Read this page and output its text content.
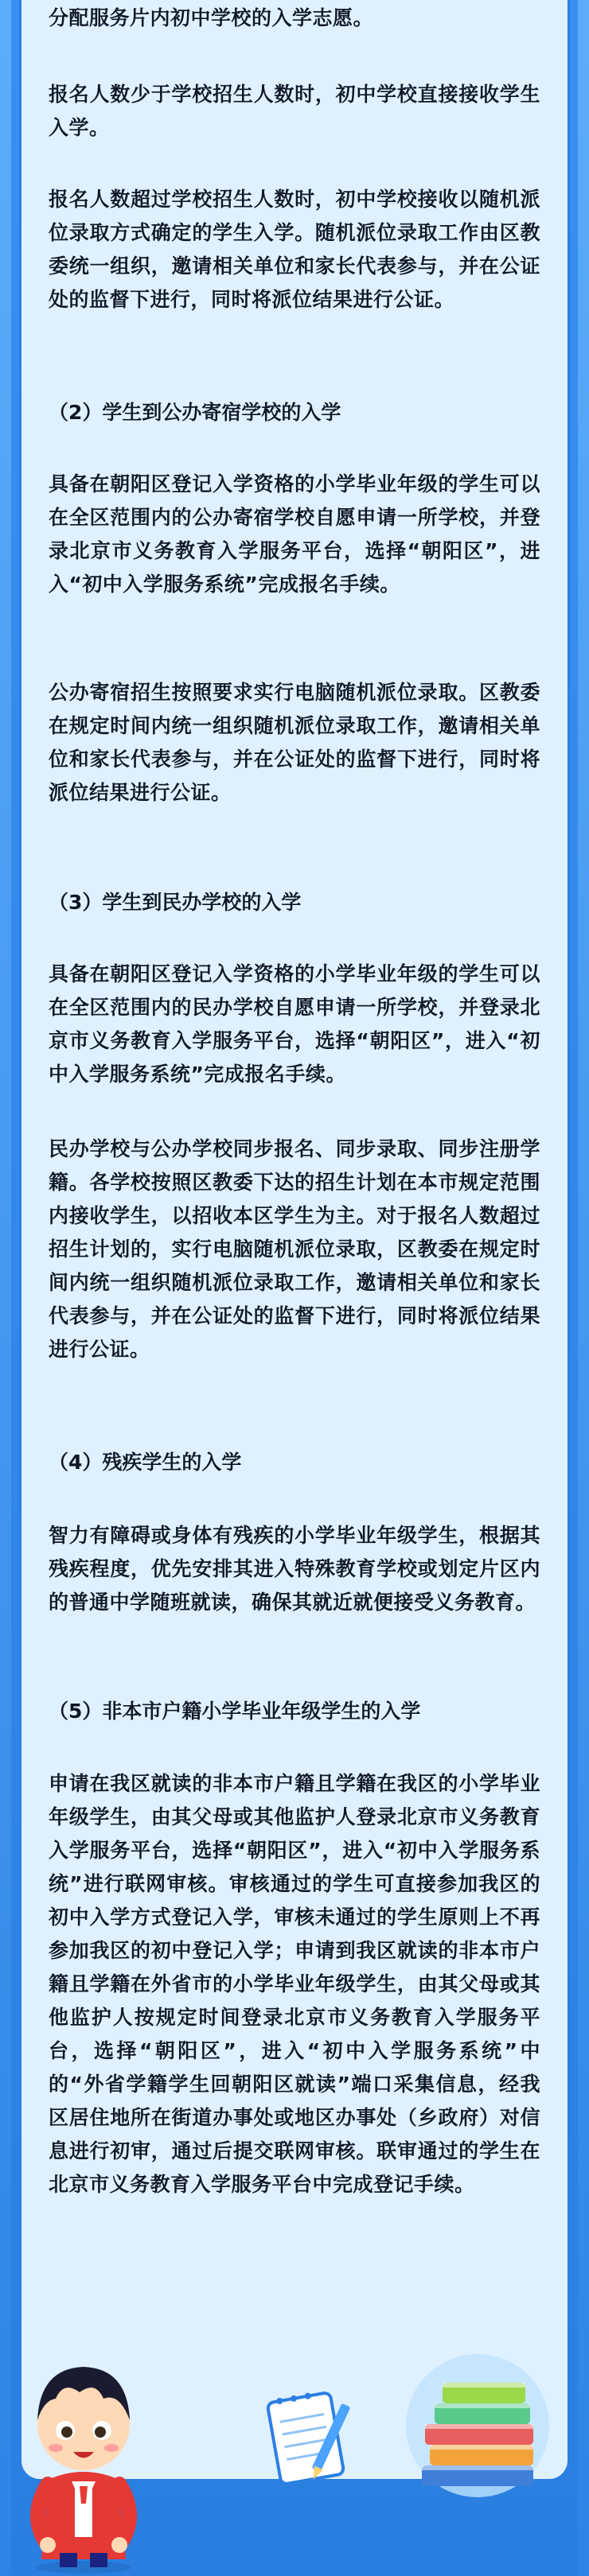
分配服务片内初中学校的入学志愿。

报名人数少于学校招生人数时，初中学校直接接收学生入学。

报名人数超过学校招生人数时，初中学校接收以随机派位录取方式确定的学生入学。随机派位录取工作由区教委统一组织，邀请相关单位和家长代表参与，并在公证处的监督下进行，同时将派位结果进行公证。

（2）学生到公办寄宿学校的入学

具备在朝阳区登记入学资格的小学毕业年级的学生可以在全区范围内的公办寄宿学校自愿申请一所学校，并登录北京市义务教育入学服务平台，选择“朝阳区”，进入“初中入学服务系统”完成报名手续。

公办寄宿招生按照要求实行电脑随机派位录取。区教委在规定时间内统一组织随机派位录取工作，邀请相关单位和家长代表参与，并在公证处的监督下进行，同时将派位结果进行公证。

（3）学生到民办学校的入学

具备在朝阳区登记入学资格的小学毕业年级的学生可以在全区范围内的民办学校自愿申请一所学校，并登录北京市义务教育入学服务平台，选择“朝阳区”，进入“初中入学服务系统”完成报名手续。

民办学校与公办学校同步报名、同步录取、同步注册学籍。各学校按照区教委下达的招生计划在本市规定范围内接收学生，以招收本区学生为主。对于报名人数超过招生计划的，实行电脑随机派位录取，区教委在规定时间内统一组织随机派位录取工作，邀请相关单位和家长代表参与，并在公证处的监督下进行，同时将派位结果进行公证。

（4）残疾学生的入学

智力有障碍或身体有残疾的小学毕业年级学生，根据其残疾程度，优先安排其进入特殊教育学校或划定片区内的普通中学随班就读，确保其就近就便接受义务教育。

（5）非本市户籍小学毕业年级学生的入学

申请在我区就读的非本市户籍且学籍在我区的小学毕业年级学生，由其父母或其他监护人登录北京市义务教育入学服务平台，选择“朝阳区”，进入“初中入学服务系统”进行联网审核。审核通过的学生可直接参加我区的初中入学方式登记入学，审核未通过的学生原则上不再参加我区的初中登记入学；申请到我区就读的非本市户籍且学籍在外省市的小学毕业年级学生，由其父母或其他监护人按规定时间登录北京市义务教育入学服务平台，选择“朝阳区”，进入“初中入学服务系统”中的“外省学籍学生回朝阳区就读”端口采集信息，经我区居住地所在街道办事处或地区办事处（乡政府）对信息进行初审，通过后提交联网审核。联审通过的学生在北京市义务教育入学服务平台中完成登记手续。
